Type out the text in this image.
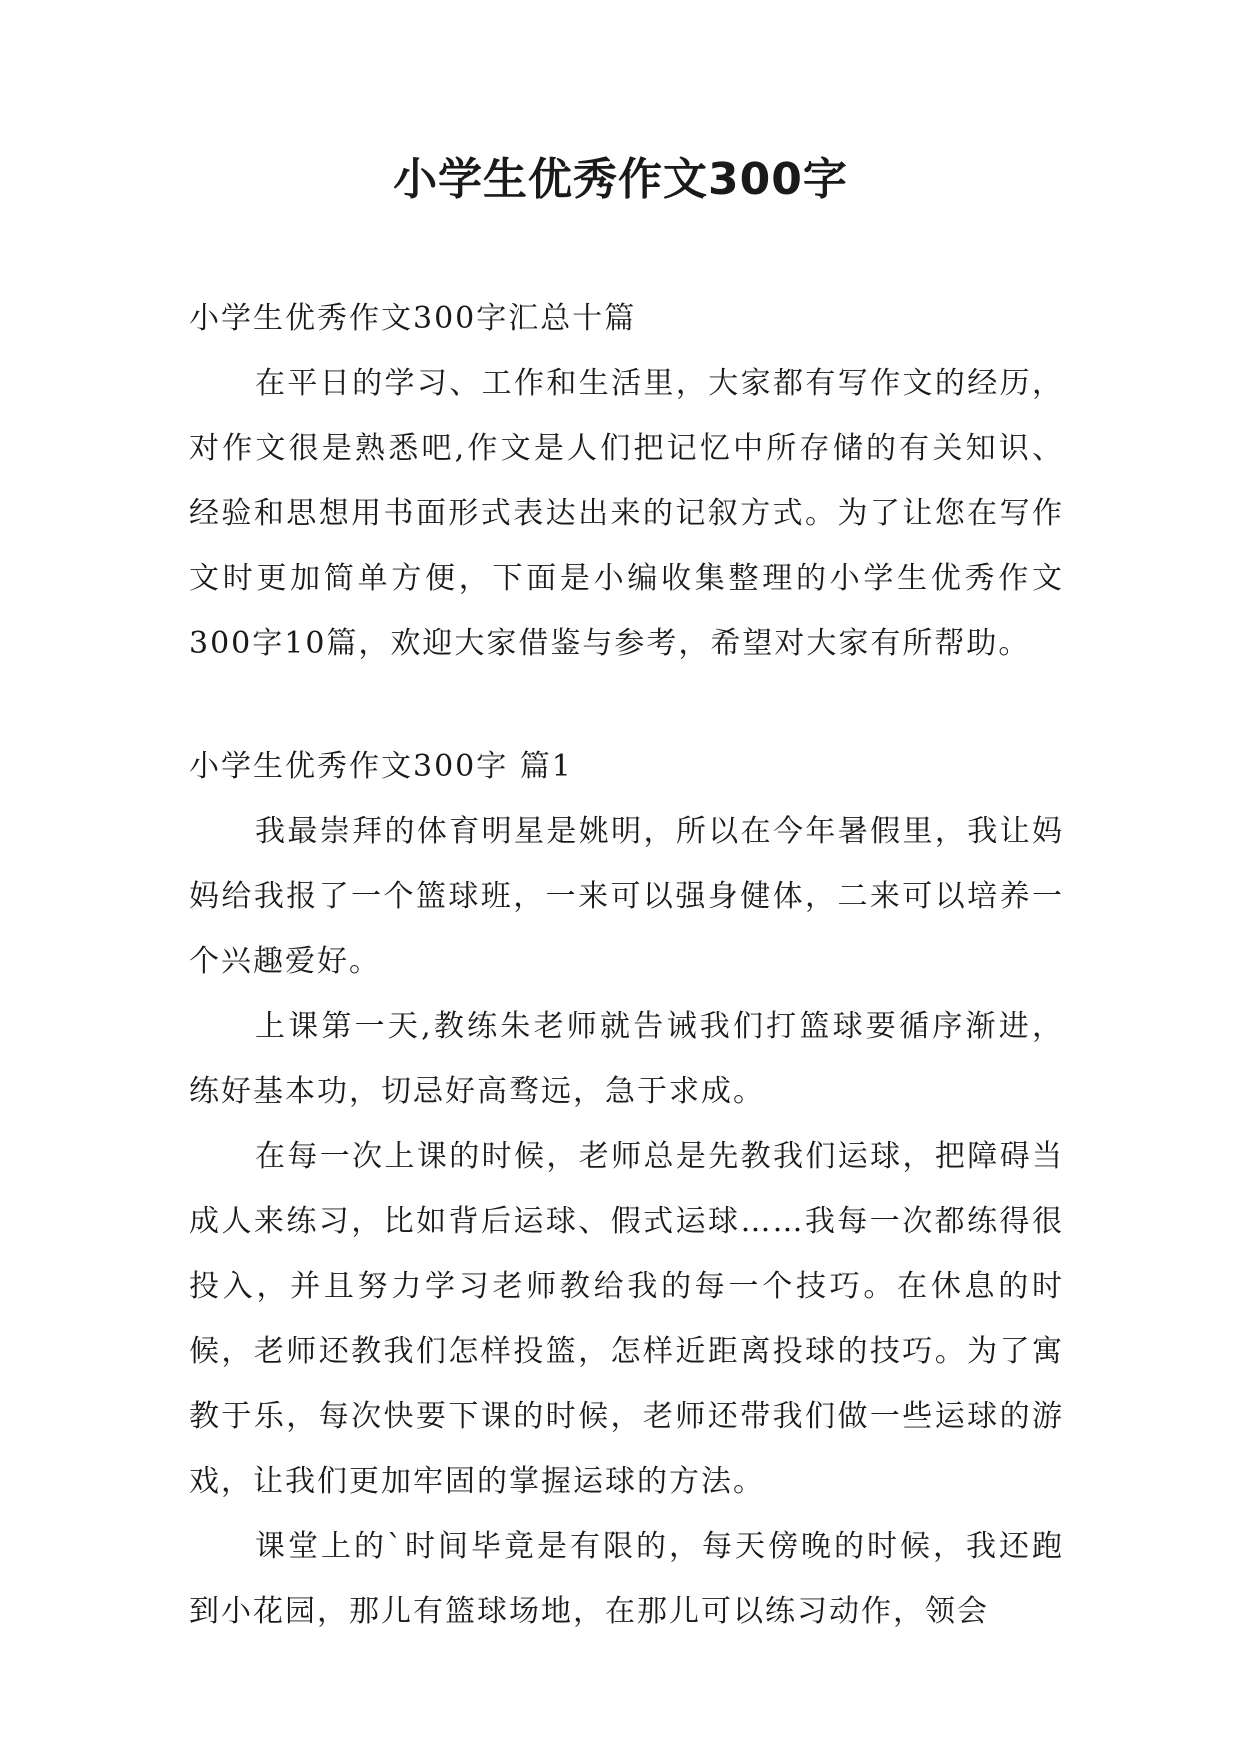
小学生优秀作文300字

小学生优秀作文300字汇总十篇

在平日的学习、工作和生活里，大家都有写作文的经历，对作文很是熟悉吧,作文是人们把记忆中所存储的有关知识、经验和思想用书面形式表达出来的记叙方式。为了让您在写作文时更加简单方便，下面是小编收集整理的小学生优秀作文300字10篇，欢迎大家借鉴与参考，希望对大家有所帮助。

小学生优秀作文300字 篇1

我最崇拜的体育明星是姚明，所以在今年暑假里，我让妈妈给我报了一个篮球班，一来可以强身健体，二来可以培养一个兴趣爱好。

上课第一天,教练朱老师就告诫我们打篮球要循序渐进，练好基本功，切忌好高骛远，急于求成。

在每一次上课的时候，老师总是先教我们运球，把障碍当成人来练习，比如背后运球、假式运球……我每一次都练得很投入，并且努力学习老师教给我的每一个技巧。在休息的时候，老师还教我们怎样投篮，怎样近距离投球的技巧。为了寓教于乐，每次快要下课的时候，老师还带我们做一些运球的游戏，让我们更加牢固的掌握运球的方法。

课堂上的`时间毕竟是有限的，每天傍晚的时候，我还跑到小花园，那儿有篮球场地，在那儿可以练习动作，领会
